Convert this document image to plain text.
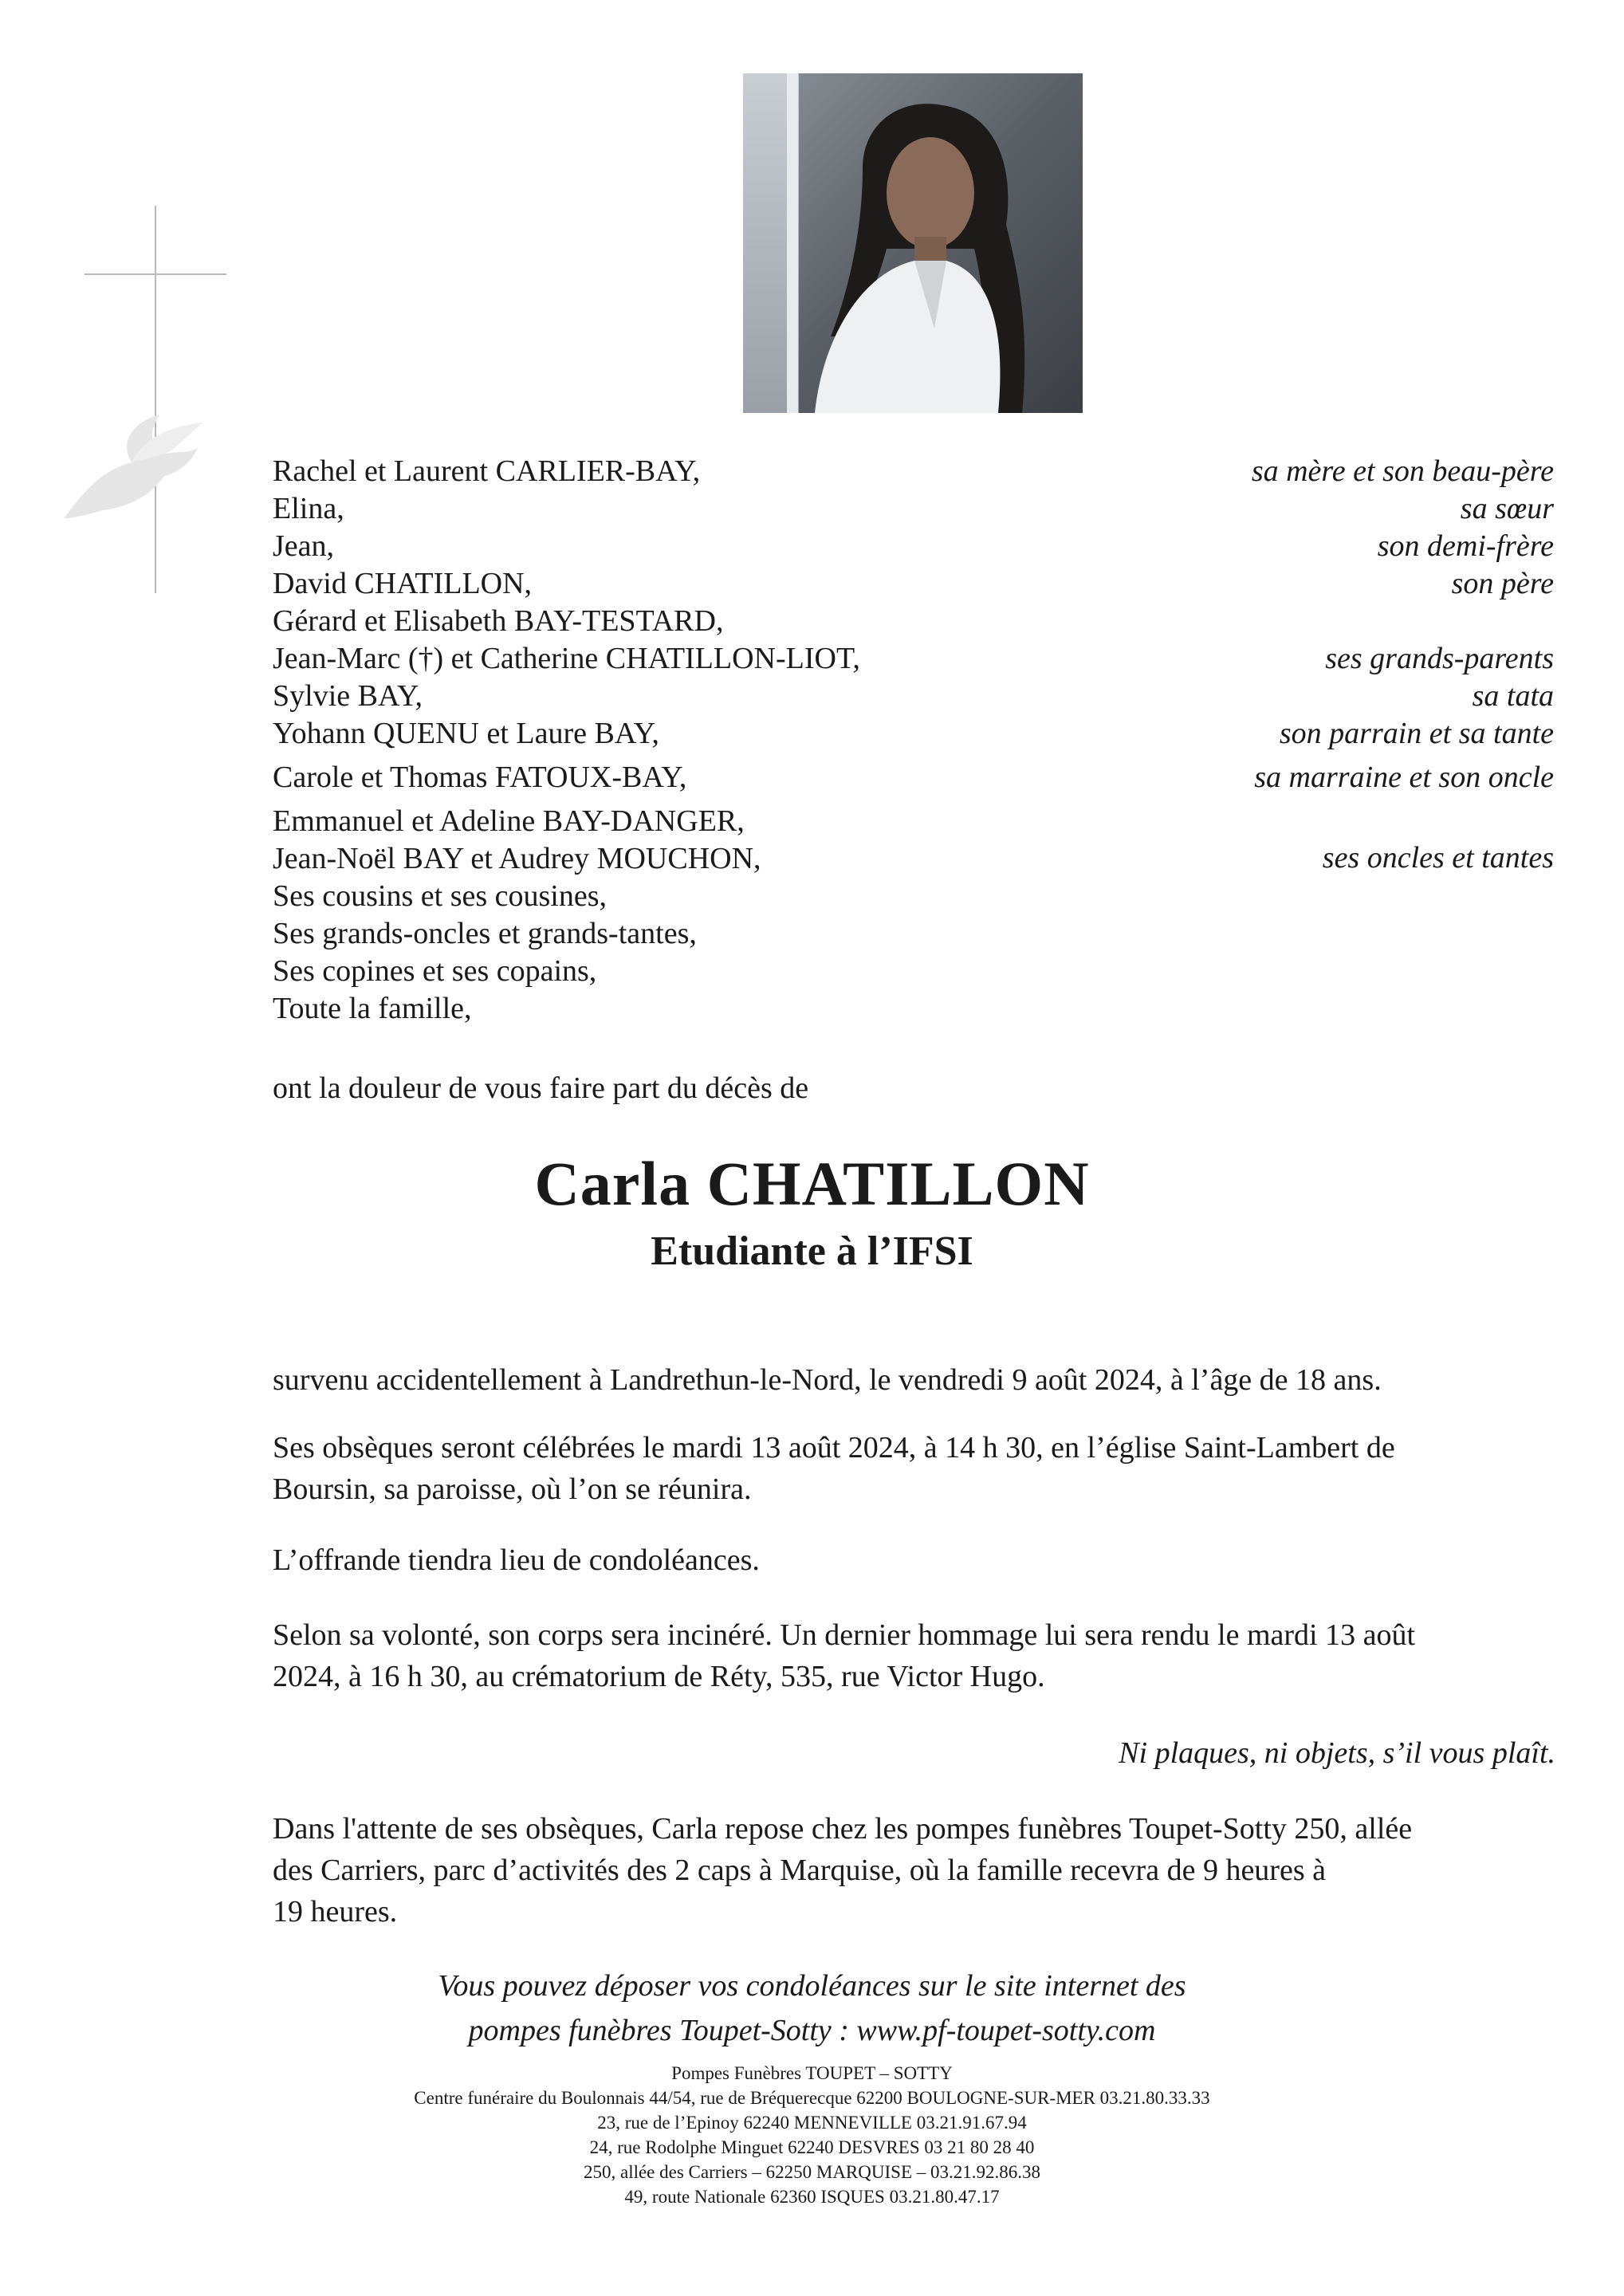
Rachel et Laurent CARLIER-BAY,
Elina,
Jean,
David CHATILLON,
Gérard et Elisabeth BAY-TESTARD,
Jean-Marc (†) et Catherine CHATILLON-LIOT,
Sylvie BAY,
Yohann QUENU et Laure BAY,
Carole et Thomas FATOUX-BAY,
Emmanuel et Adeline BAY-DANGER,
Jean-Noël BAY et Audrey MOUCHON,
Ses cousins et ses cousines,
Ses grands-oncles et grands-tantes,
Ses copines et ses copains,
Toute la famille,
sa mère et son beau-père
sa sœur
son demi-frère
son père
ses grands-parents
sa tata
son parrain et sa tante
sa marraine et son oncle
ses oncles et tantes
ont la douleur de vous faire part du décès de
Carla CHATILLON
Etudiante à l’IFSI
survenu accidentellement à Landrethun-le-Nord, le vendredi 9 août 2024, à l’âge de 18 ans.
Ses obsèques seront célébrées le mardi 13 août 2024, à 14 h 30, en l’église Saint-Lambert de
Boursin, sa paroisse, où l’on se réunira.
L’offrande tiendra lieu de condoléances.
Selon sa volonté, son corps sera incinéré. Un dernier hommage lui sera rendu le mardi 13 août
2024, à 16 h 30, au crématorium de Réty, 535, rue Victor Hugo.
Ni plaques, ni objets, s’il vous plaît.
Dans l'attente de ses obsèques, Carla repose chez les pompes funèbres Toupet-Sotty 250, allée
des Carriers, parc d’activités des 2 caps à Marquise, où la famille recevra de 9 heures à
19 heures.
Vous pouvez déposer vos condoléances sur le site internet des
pompes funèbres Toupet-Sotty : www.pf-toupet-sotty.com
Pompes Funèbres TOUPET – SOTTY
Centre funéraire du Boulonnais 44/54, rue de Bréquerecque 62200 BOULOGNE-SUR-MER 03.21.80.33.33
23, rue de l’Epinoy 62240 MENNEVILLE 03.21.91.67.94
24, rue Rodolphe Minguet 62240 DESVRES 03 21 80 28 40
250, allée des Carriers – 62250 MARQUISE – 03.21.92.86.38
49, route Nationale 62360 ISQUES 03.21.80.47.17
